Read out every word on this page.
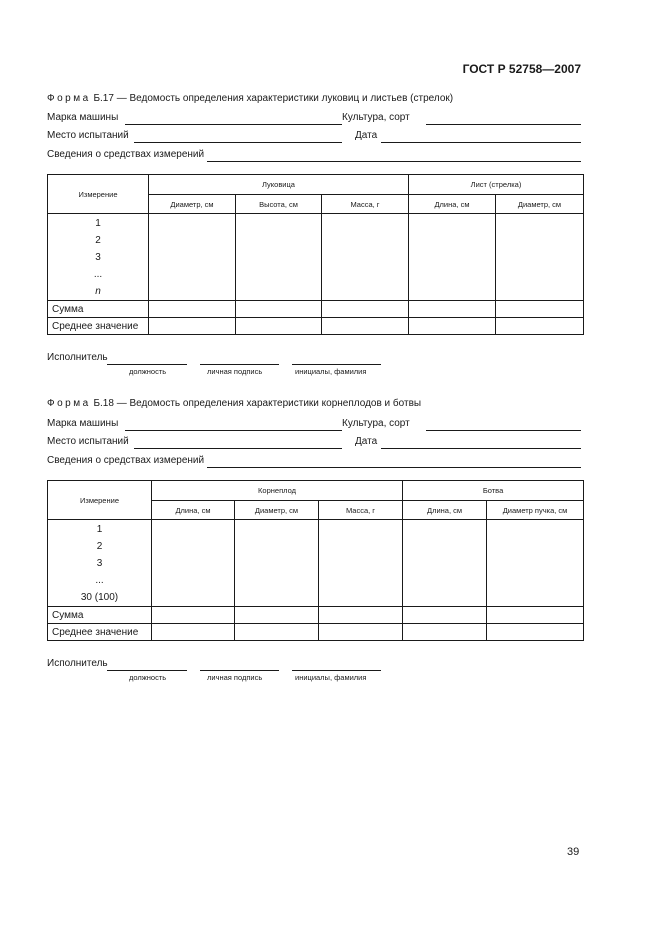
ГОСТ Р 52758—2007
Форма Б.17 — Ведомость определения характеристики луковиц и листьев (стрелок)
Марка машины	Культура, сорт
Место испытаний	Дата
Сведения о средствах измерений
Измерение	Луковица			Лист (стрелка)	
	Диаметр, см	Высота, см	Масса, г	Длина, см	Диаметр, см

1
2
3
...
n					

Сумма					
Среднее значение					
Исполнитель
должность	личная подпись	инициалы, фамилия
Форма Б.18 — Ведомость определения характеристики корнеплодов и ботвы
Марка машины	Культура, сорт
Место испытаний	Дата
Сведения о средствах измерений
Измерение	Корнеплод			Ботва	
	Длина, см	Диаметр, см	Масса, г	Длина, см	Диаметр пучка, см

1
2
3
...
30 (100)					

Сумма					
Среднее значение					
Исполнитель
должность	личная подпись	инициалы, фамилия
39
